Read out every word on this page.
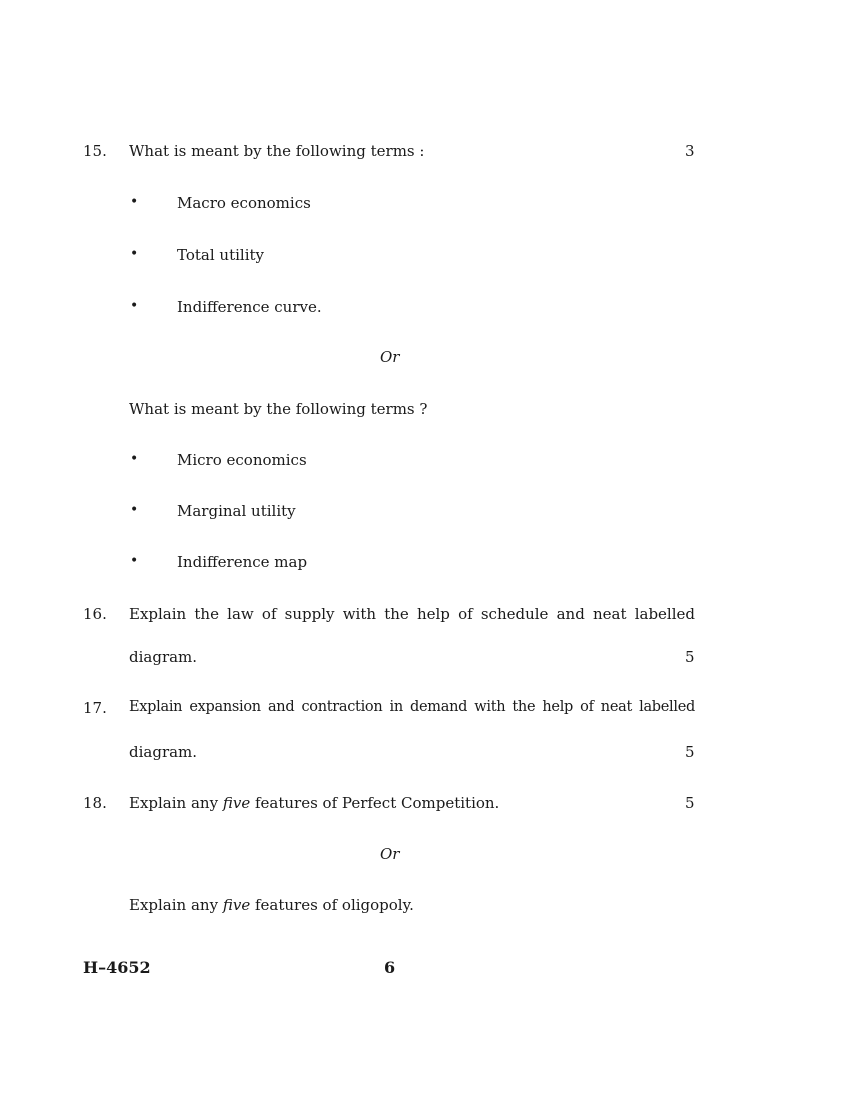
15. What is meant by the following terms :	3
•	Macro economics
•	Total utility
•	Indifference curve.
Or
What is meant by the following terms ?
•	Micro economics
•	Marginal utility
•	Indifference map
16. Explain the law of supply with the help of schedule and neat labelled
diagram.	5
17. Explain expansion and contraction in demand with the help of neat labelled
diagram.	5
18. Explain any five features of Perfect Competition.	5
Or
Explain any five features of oligopoly.
H–4652	6
